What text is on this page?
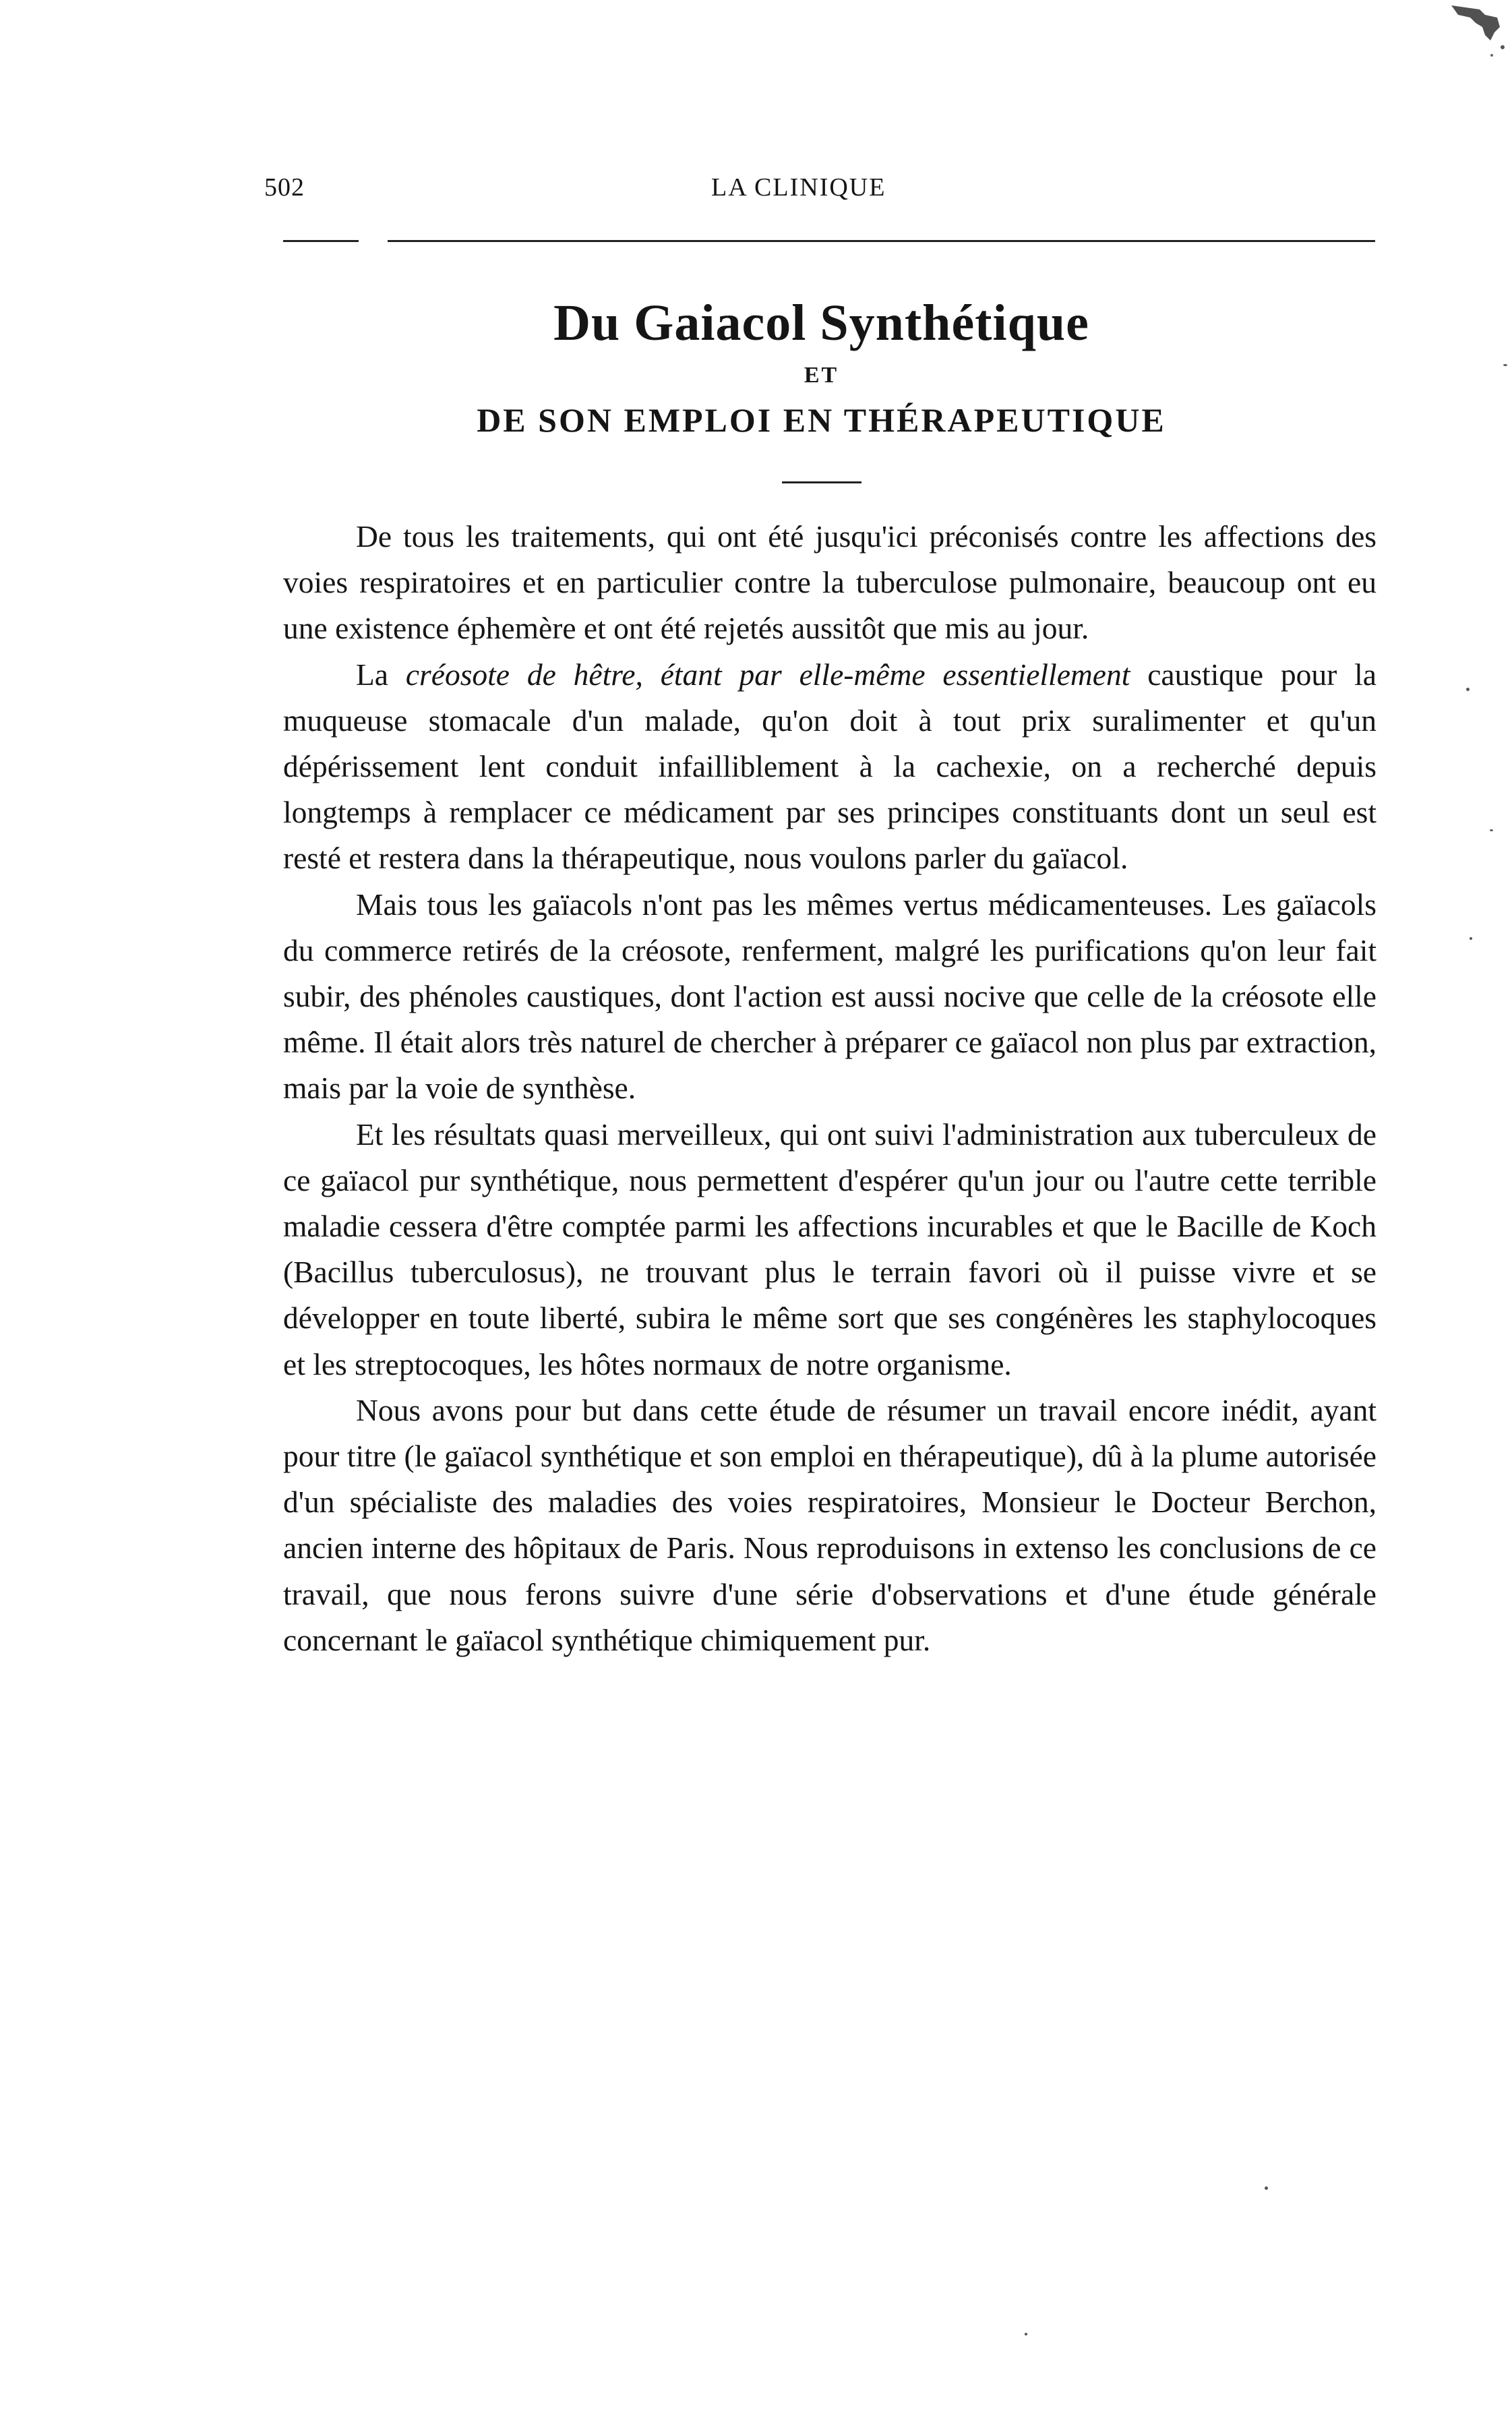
502	LA CLINIQUE
Du Gaiacol Synthétique
ET
DE SON EMPLOI EN THÉRAPEUTIQUE

De tous les traitements, qui ont été jusqu'ici préconisés contre les affections des voies respiratoires et en particulier contre la tuberculose pulmonaire, beaucoup ont eu une existence éphemère et ont été rejetés aussitôt que mis au jour.

La créosote de hêtre, étant par elle-même essentiellement caustique pour la muqueuse stomacale d'un malade, qu'on doit à tout prix suralimenter et qu'un dépérissement lent conduit infailliblement à la cachexie, on a recherché depuis longtemps à remplacer ce médicament par ses principes constituants dont un seul est resté et restera dans la thérapeutique, nous voulons parler du gaïacol.

Mais tous les gaïacols n'ont pas les mêmes vertus médicamenteuses. Les gaïacols du commerce retirés de la créosote, renferment, malgré les purifications qu'on leur fait subir, des phénoles caustiques, dont l'action est aussi nocive que celle de la créosote elle même. Il était alors très naturel de chercher à préparer ce gaïacol non plus par extraction, mais par la voie de synthèse.

Et les résultats quasi merveilleux, qui ont suivi l'administration aux tuberculeux de ce gaïacol pur synthétique, nous permettent d'espérer qu'un jour ou l'autre cette terrible maladie cessera d'être comptée parmi les affections incurables et que le Bacille de Koch (Bacillus tuberculosus), ne trouvant plus le terrain favori où il puisse vivre et se développer en toute liberté, subira le même sort que ses congénères les staphylocoques et les streptocoques, les hôtes normaux de notre organisme.

Nous avons pour but dans cette étude de résumer un travail encore inédit, ayant pour titre (le gaïacol synthétique et son emploi en thérapeutique), dû à la plume autorisée d'un spécialiste des maladies des voies respiratoires, Monsieur le Docteur Berchon, ancien interne des hôpitaux de Paris. Nous reproduisons in extenso les conclusions de ce travail, que nous ferons suivre d'une série d'observations et d'une étude générale concernant le gaïacol synthétique chimiquement pur.
